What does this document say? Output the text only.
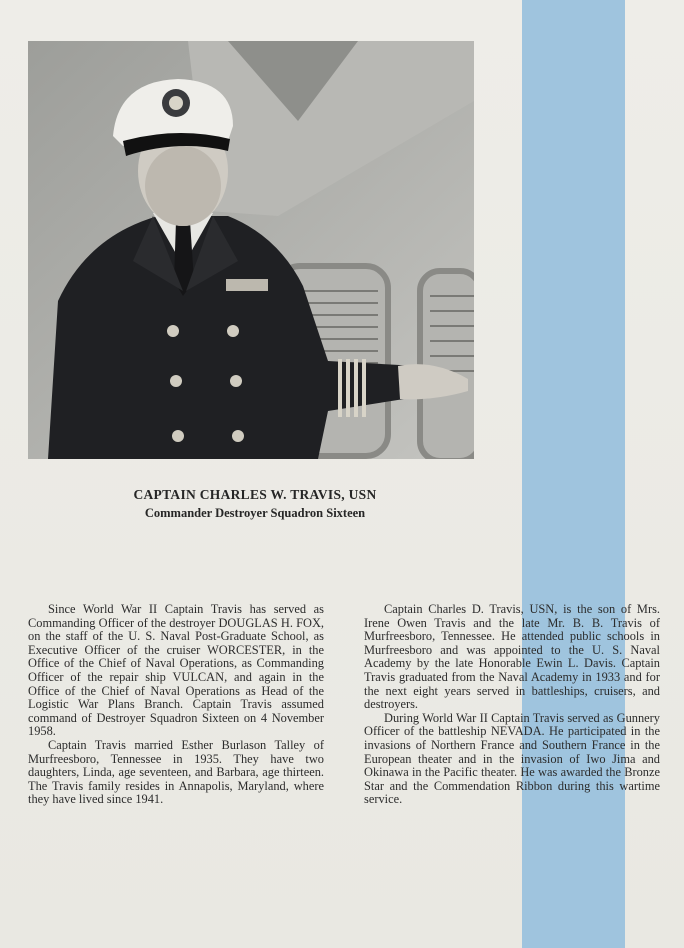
CAPTAIN CHARLES W. TRAVIS, USN
Commander Destroyer Squadron Sixteen

Since World War II Captain Travis has served as Commanding Officer of the destroyer DOUGLAS H. FOX, on the staff of the U. S. Naval Post-Graduate School, as Executive Officer of the cruiser WORCESTER, in the Office of the Chief of Naval Operations, as Commanding Officer of the repair ship VULCAN, and again in the Office of the Chief of Naval Operations as Head of the Logistic War Plans Branch. Captain Travis assumed command of Destroyer Squadron Sixteen on 4 November 1958.

Captain Travis married Esther Burlason Talley of Murfreesboro, Tennessee in 1935. They have two daughters, Linda, age seventeen, and Barbara, age thirteen. The Travis family resides in Annapolis, Maryland, where they have lived since 1941.

Captain Charles D. Travis, USN, is the son of Mrs. Irene Owen Travis and the late Mr. B. B. Travis of Murfreesboro, Tennessee. He attended public schools in Murfreesboro and was appointed to the U. S. Naval Academy by the late Honorable Ewin L. Davis. Captain Travis graduated from the Naval Academy in 1933 and for the next eight years served in battleships, cruisers, and destroyers.

During World War II Captain Travis served as Gunnery Officer of the battleship NEVADA. He participated in the invasions of Northern France and Southern France in the European theater and in the invasion of Iwo Jima and Okinawa in the Pacific theater. He was awarded the Bronze Star and the Commendation Ribbon during this wartime service.
